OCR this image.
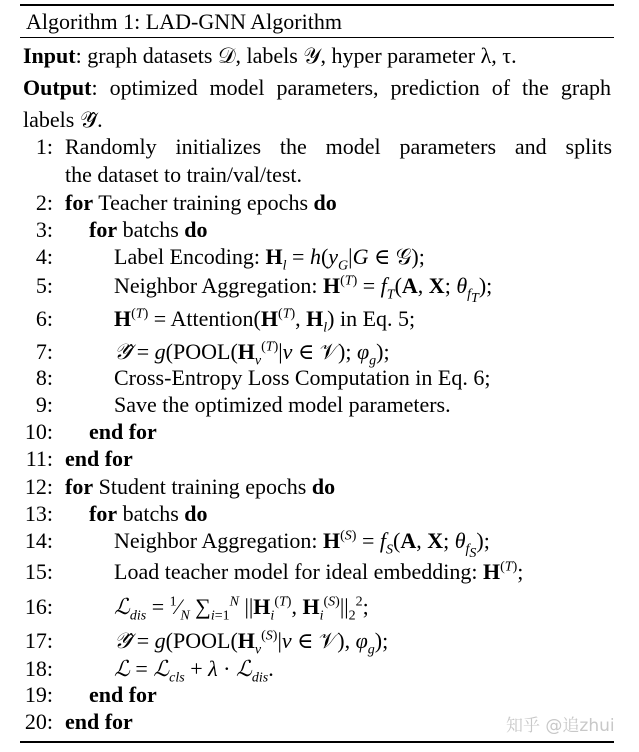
Algorithm 1: LAD-GNN Algorithm
Input: graph datasets 𝒟, labels 𝒴, hyper parameter λ, τ.
Output: optimized model parameters, prediction of the graph labels 𝒴̂.
1: Randomly initializes the model parameters and splits
the dataset to train/val/test.
2: for Teacher training epochs do
3: for batchs do
4:	Label Encoding: $H_l = h(y_G|G$ ∈ 𝒢);
5:	Neighbor Aggregation: $H^{(T)} = f_T(A$, X; $\theta_{f_T}$);
6:	$H^{(T)}$ = $Attention(H^{(T)}$, $H_l$) in Eq. 5;
7:	𝒴̂ = $g(POOL(H_v^{(T)}|v$ ∈ 𝒱); $\varphi_g$);
8:	Cross-Entropy Loss Computation in Eq. 6;
9:	Save the optimized model parameters.
10: end for
11: end for
12: for Student training epochs do
13: for batchs do
14:	Neighbor Aggregation: $H^{(S)} = f_S(A$, X; $\theta_{f_S}$);
15:	Load teacher model for ideal embedding: $H^{(T)}$;
16:	ℒ$_{dis}$ = $^1⁄_N$ $\sum_{i=1}^N$ $||H_i^{(T)}$, $H_i^{(S)}||_2^2$;
17:	𝒴̂ = $g(POOL(H_v^{(S)}|v$ ∈ 𝒱), $\varphi_g$);
18:	ℒ = ℒ$_{cls}$ + λ · ℒ$_{dis}$.
19: end for
20: end for	知乎 @追zhui
